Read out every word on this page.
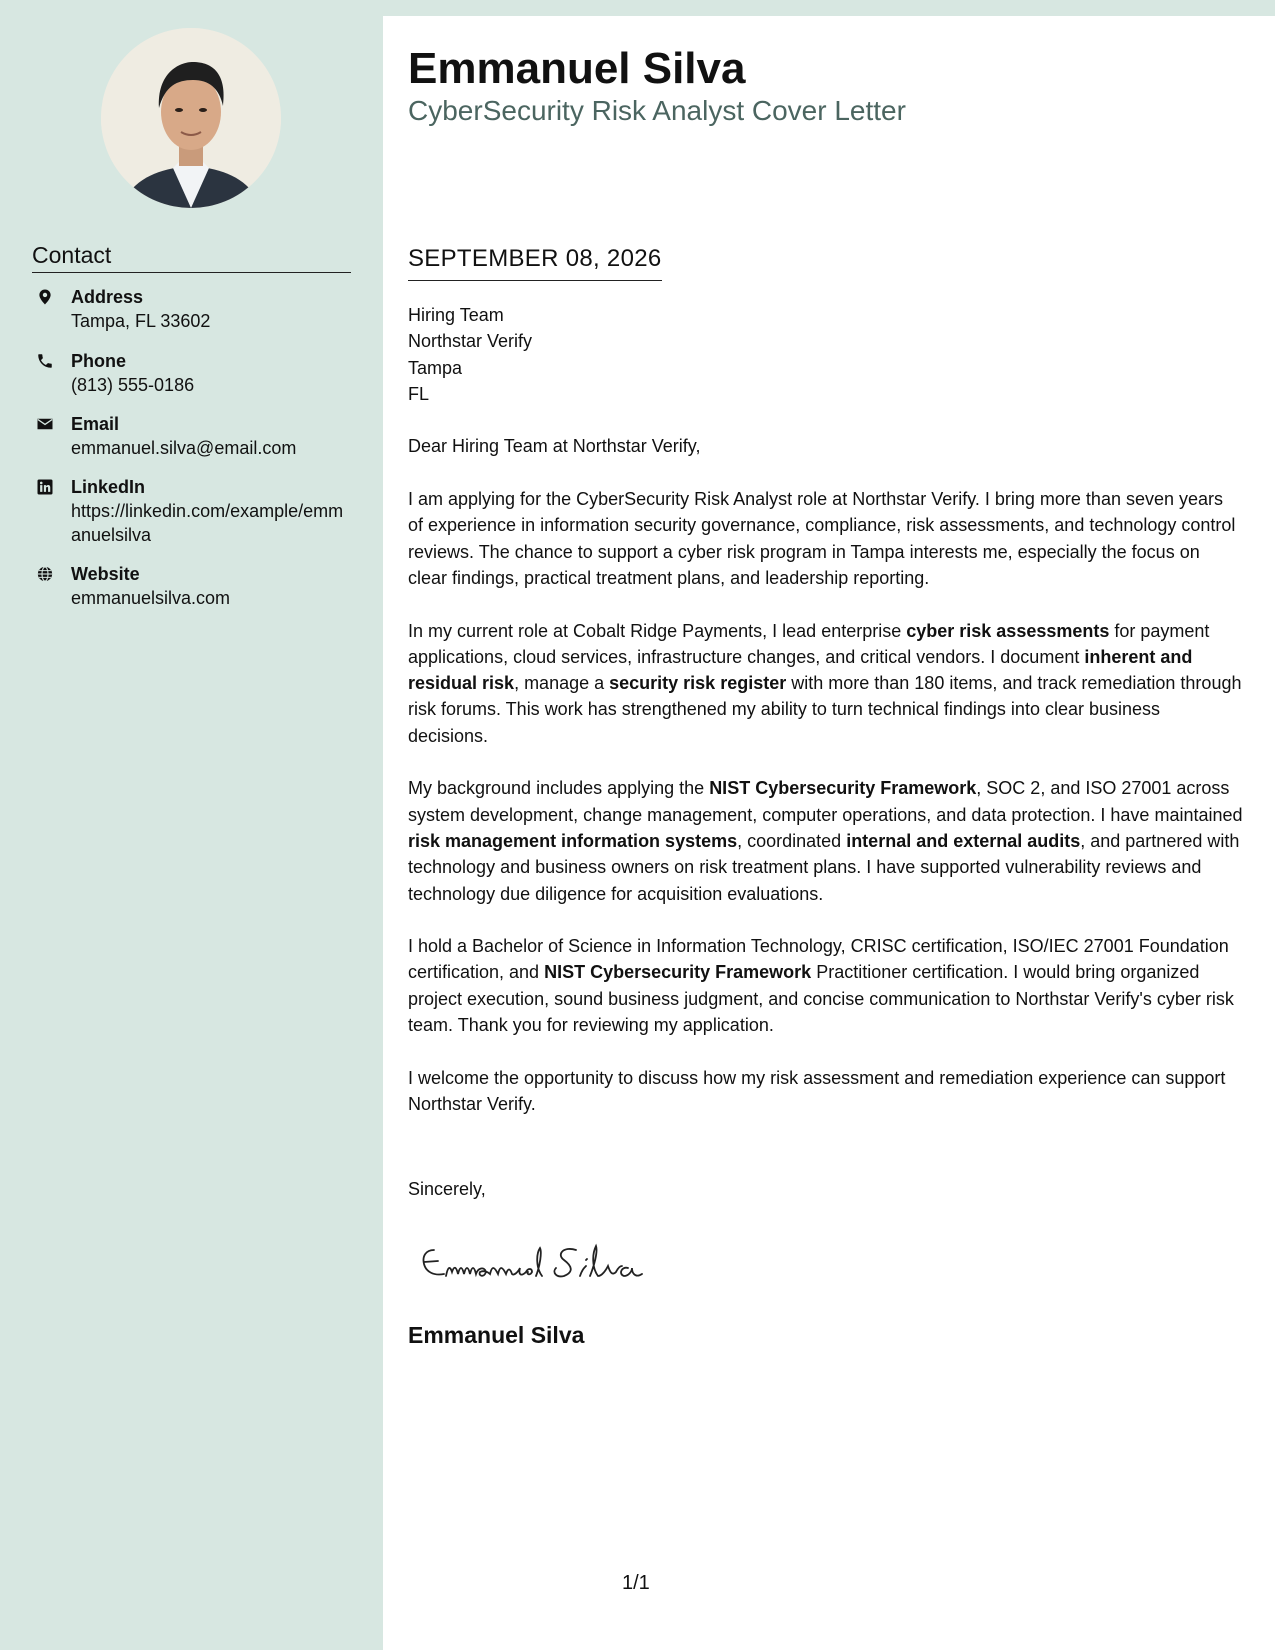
Contact
Address
Tampa, FL 33602
Phone
(813) 555-0186
Email
emmanuel.silva@email.com
LinkedIn
https://linkedin.com/example/emmanuelsilva
Website
emmanuelsilva.com
Emmanuel Silva
CyberSecurity Risk Analyst Cover Letter
SEPTEMBER 08, 2026
Hiring Team
Northstar Verify
Tampa
FL
Dear Hiring Team at Northstar Verify,
I am applying for the CyberSecurity Risk Analyst role at Northstar Verify. I bring more than seven years of experience in information security governance, compliance, risk assessments, and technology control reviews. The chance to support a cyber risk program in Tampa interests me, especially the focus on clear findings, practical treatment plans, and leadership reporting.
In my current role at Cobalt Ridge Payments, I lead enterprise cyber risk assessments for payment applications, cloud services, infrastructure changes, and critical vendors. I document inherent and residual risk, manage a security risk register with more than 180 items, and track remediation through risk forums. This work has strengthened my ability to turn technical findings into clear business decisions.
My background includes applying the NIST Cybersecurity Framework, SOC 2, and ISO 27001 across system development, change management, computer operations, and data protection. I have maintained risk management information systems, coordinated internal and external audits, and partnered with technology and business owners on risk treatment plans. I have supported vulnerability reviews and technology due diligence for acquisition evaluations.
I hold a Bachelor of Science in Information Technology, CRISC certification, ISO/IEC 27001 Foundation certification, and NIST Cybersecurity Framework Practitioner certification. I would bring organized project execution, sound business judgment, and concise communication to Northstar Verify's cyber risk team. Thank you for reviewing my application.
I welcome the opportunity to discuss how my risk assessment and remediation experience can support Northstar Verify.
Sincerely,
Emmanuel Silva
1/1
